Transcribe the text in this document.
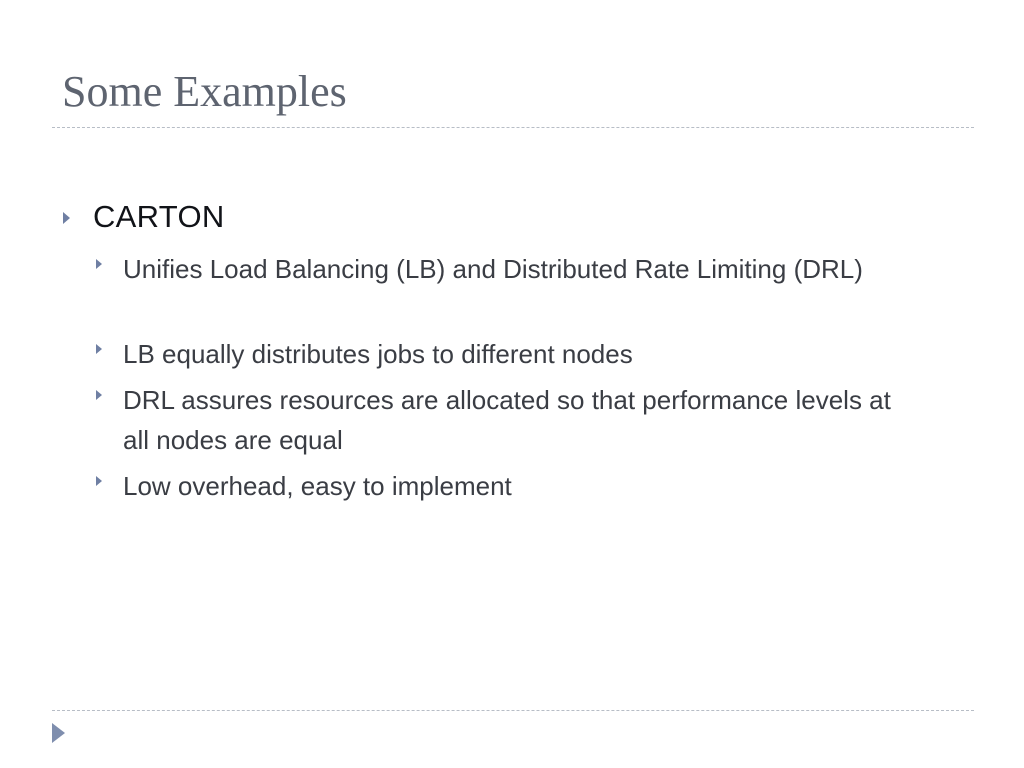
Some Examples
CARTON
Unifies Load Balancing (LB) and Distributed Rate Limiting (DRL)
LB equally distributes jobs to different nodes
DRL assures resources are allocated so that performance levels at all nodes are equal
Low overhead, easy to implement
